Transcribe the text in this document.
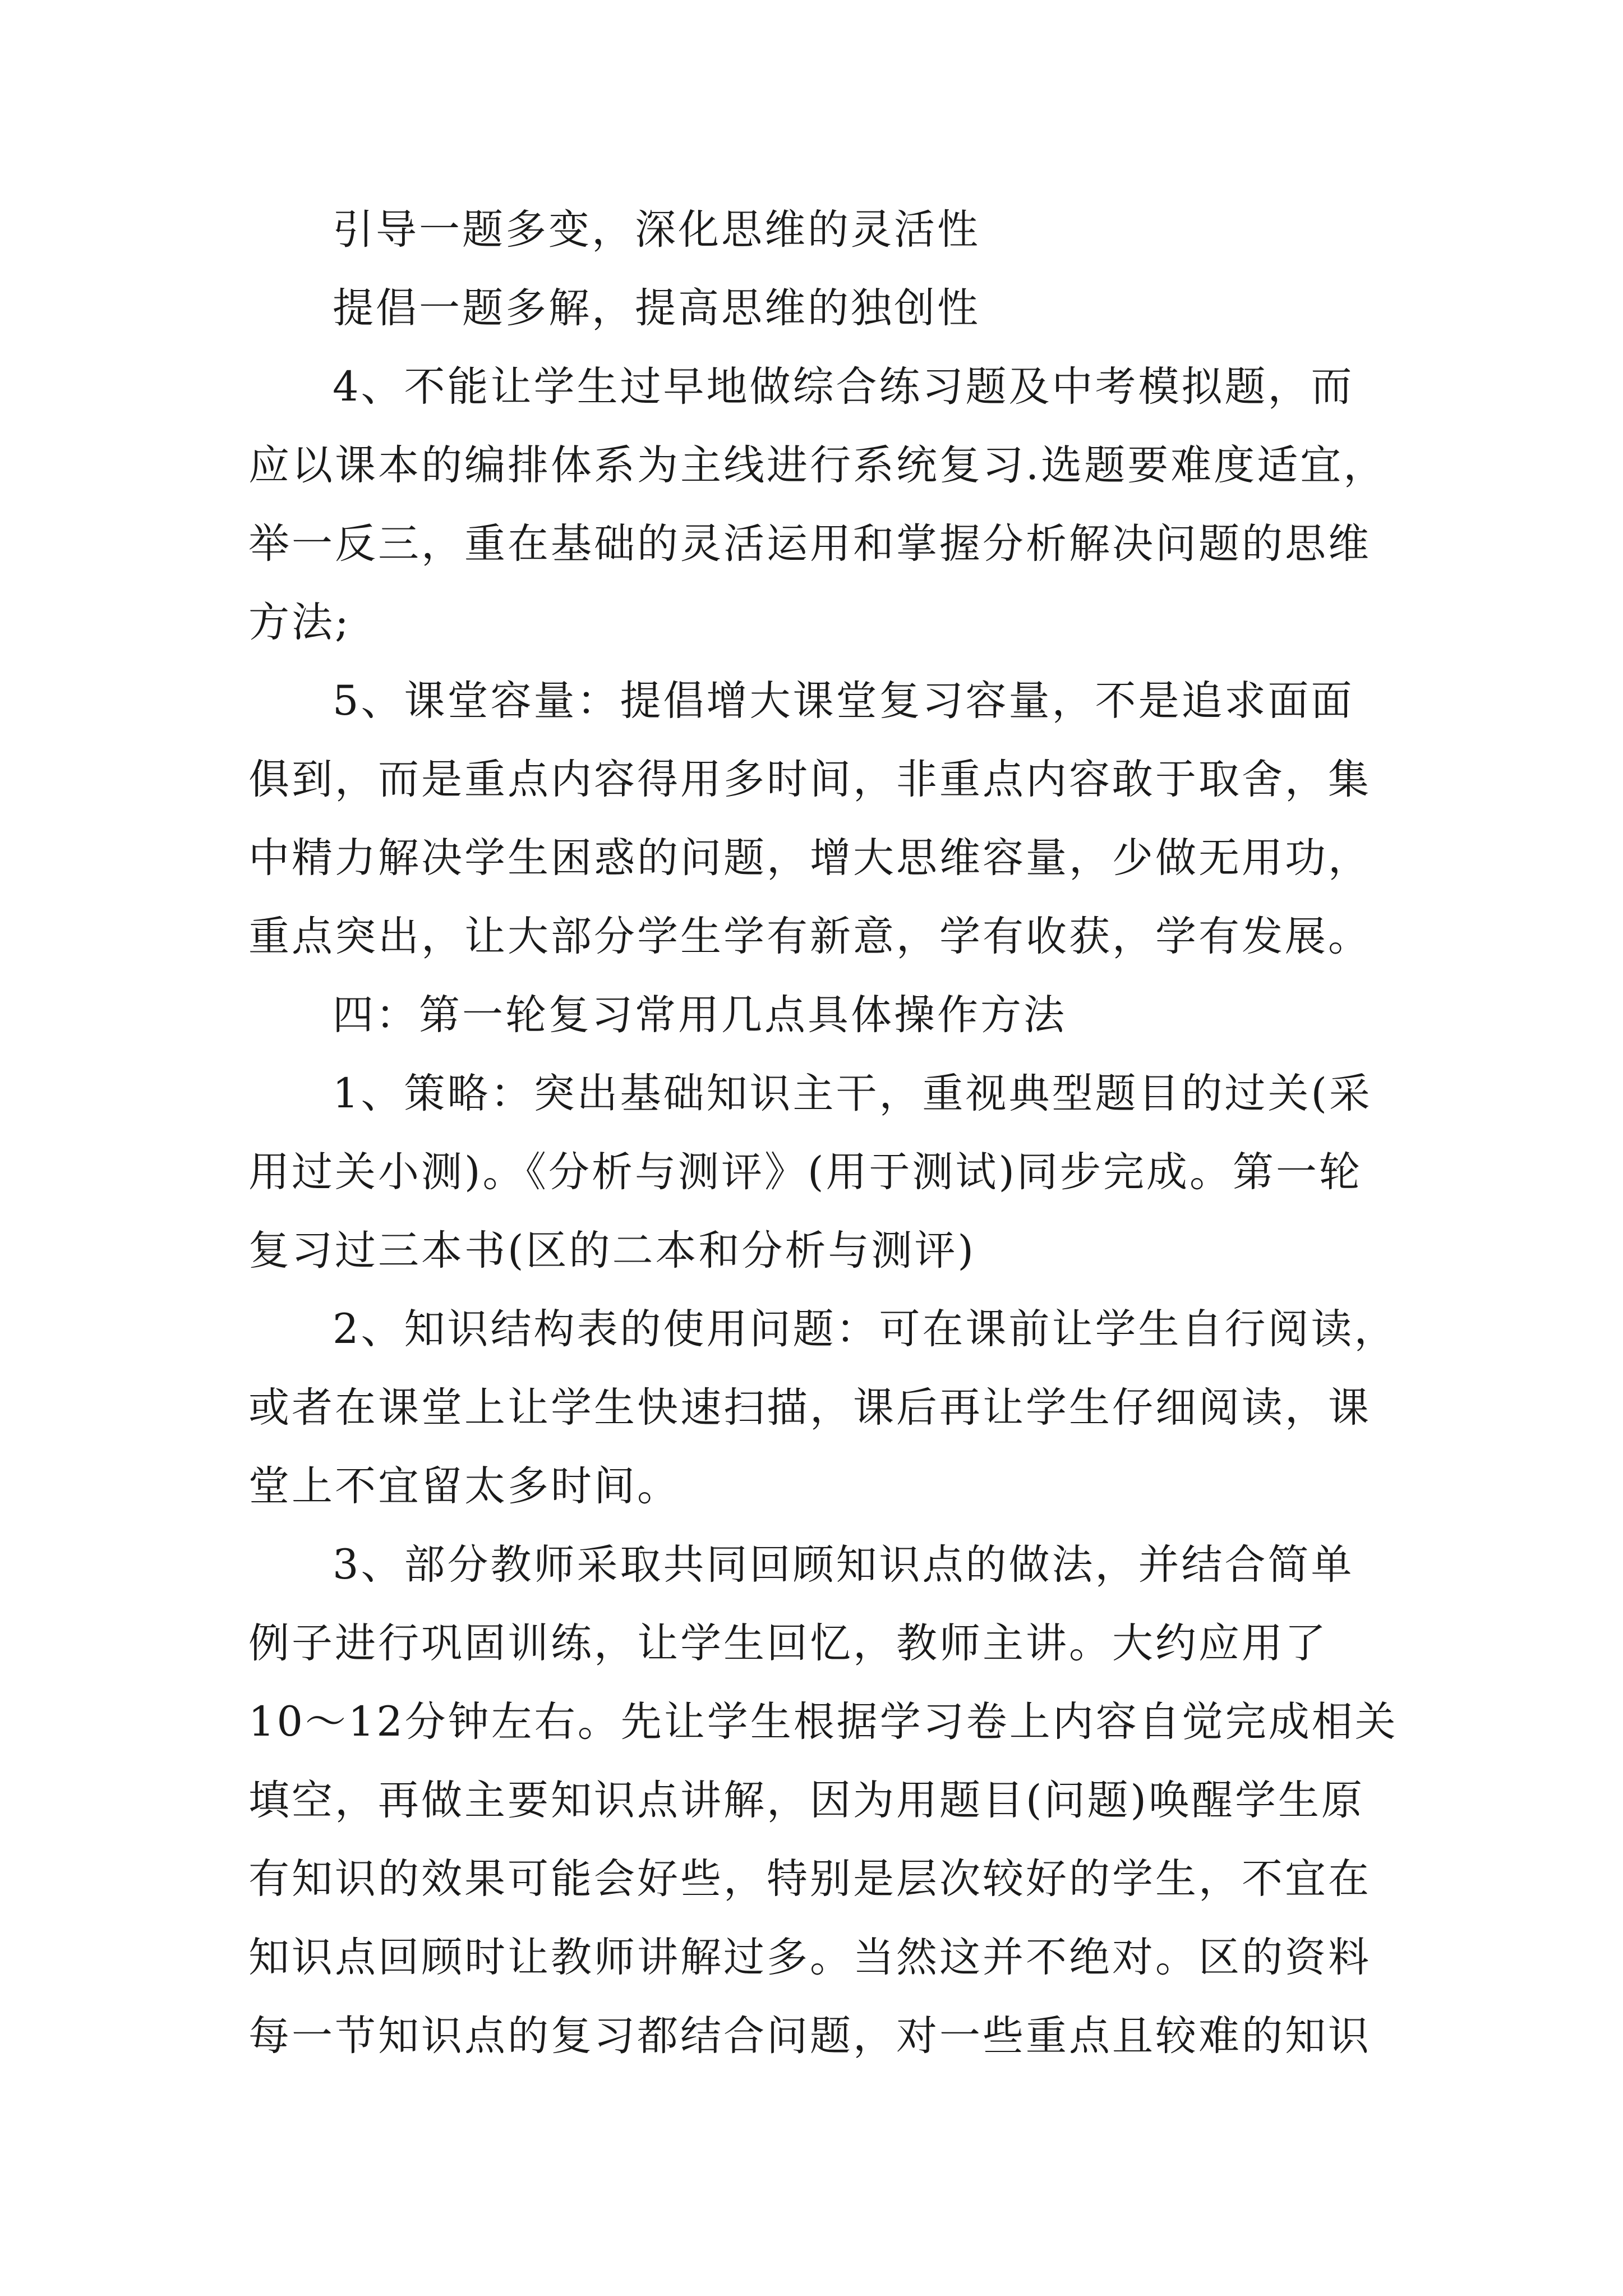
引导一题多变，深化思维的灵活性
提倡一题多解，提高思维的独创性
4、不能让学生过早地做综合练习题及中考模拟题，而
应以课本的编排体系为主线进行系统复习.选题要难度适宜，
举一反三，重在基础的灵活运用和掌握分析解决问题的思维
方法;
5、课堂容量：提倡增大课堂复习容量，不是追求面面
俱到，而是重点内容得用多时间，非重点内容敢于取舍，集
中精力解决学生困惑的问题，增大思维容量，少做无用功，
重点突出，让大部分学生学有新意，学有收获，学有发展。
四：第一轮复习常用几点具体操作方法
1、策略：突出基础知识主干，重视典型题目的过关(采
用过关小测)。《分析与测评》(用于测试)同步完成。第一轮
复习过三本书(区的二本和分析与测评)
2、知识结构表的使用问题：可在课前让学生自行阅读，
或者在课堂上让学生快速扫描，课后再让学生仔细阅读，课
堂上不宜留太多时间。
3、部分教师采取共同回顾知识点的做法，并结合简单
例子进行巩固训练，让学生回忆，教师主讲。大约应用了
10～12分钟左右。先让学生根据学习卷上内容自觉完成相关
填空，再做主要知识点讲解，因为用题目(问题)唤醒学生原
有知识的效果可能会好些，特别是层次较好的学生，不宜在
知识点回顾时让教师讲解过多。当然这并不绝对。区的资料
每一节知识点的复习都结合问题，对一些重点且较难的知识
